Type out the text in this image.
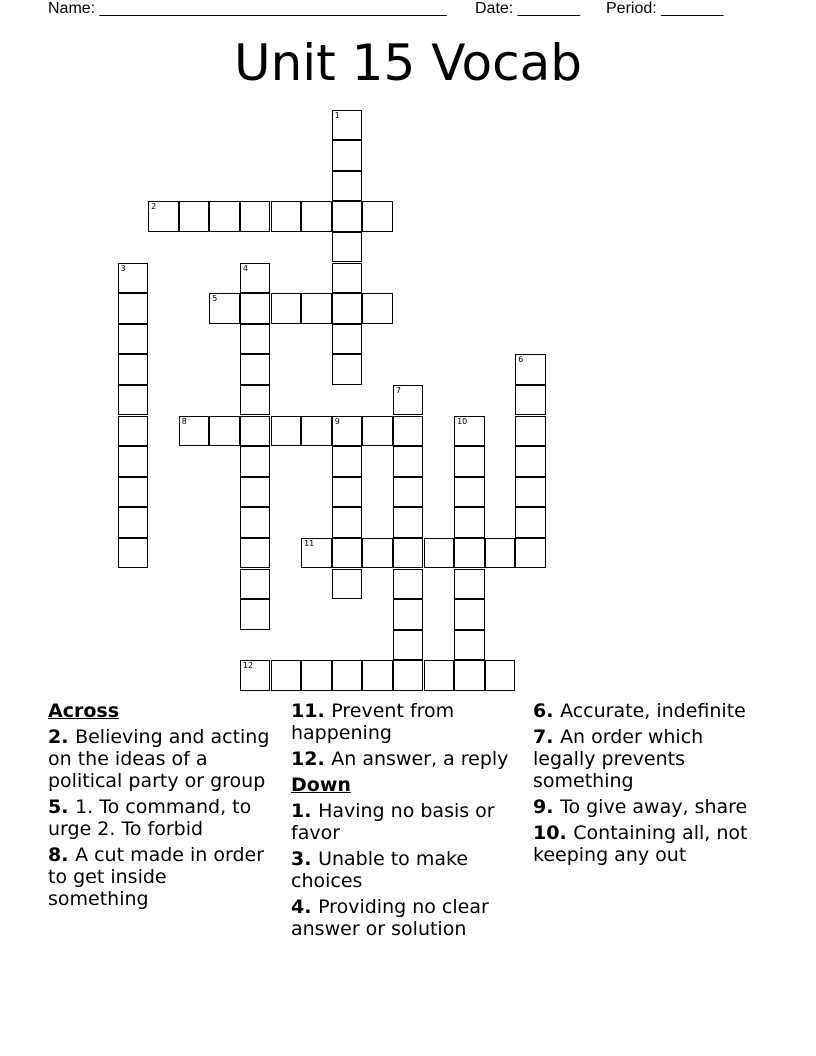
Name: _______________________________________ Date: _______ Period: _______
Unit 15 Vocab
1
2
3	4
5
6
7
8	9	10
11
12
Across
2. Believing and acting on the ideas of a political party or group
5. 1. To command, to urge 2. To forbid
8. A cut made in order to get inside something
11. Prevent from happening
12. An answer, a reply
Down
1. Having no basis or favor
3. Unable to make choices
4. Providing no clear answer or solution
6. Accurate, indefinite
7. An order which legally prevents something
9. To give away, share
10. Containing all, not keeping any out
